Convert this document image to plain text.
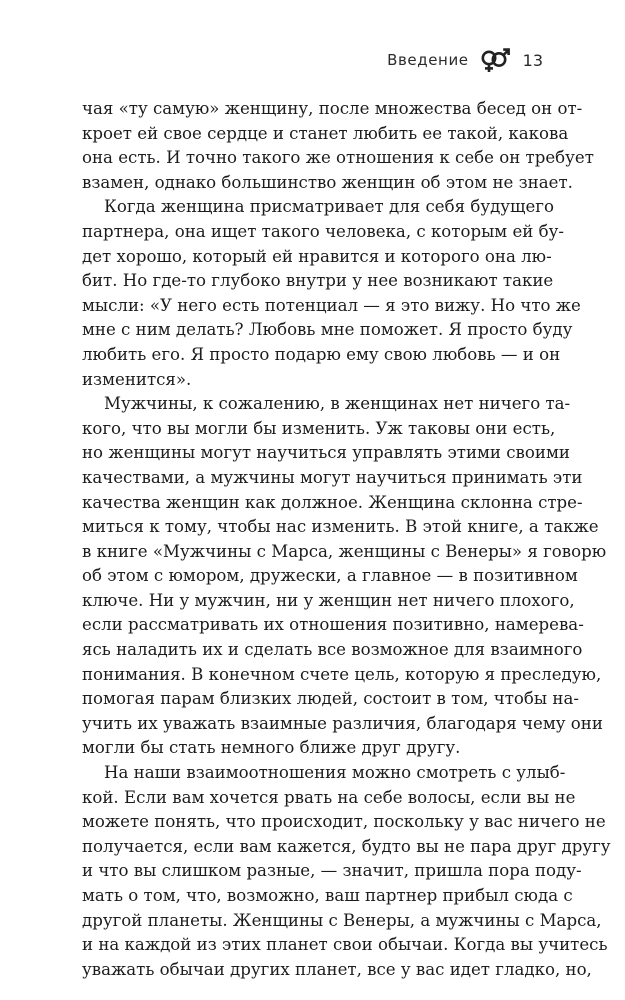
Введение	13
чая «ту самую» женщину, после множества бесед он от-
кроет ей свое сердце и станет любить ее такой, какова
она есть. И точно такого же отношения к себе он требует
взамен, однако большинство женщин об этом не знает.
Когда женщина присматривает для себя будущего
партнера, она ищет такого человека, с которым ей бу-
дет хорошо, который ей нравится и которого она лю-
бит. Но где-то глубоко внутри у нее возникают такие
мысли: «У него есть потенциал — я это вижу. Но что же
мне с ним делать? Любовь мне поможет. Я просто буду
любить его. Я просто подарю ему свою любовь — и он
изменится».
Мужчины, к сожалению, в женщинах нет ничего та-
кого, что вы могли бы изменить. Уж таковы они есть,
но женщины могут научиться управлять этими своими
качествами, а мужчины могут научиться принимать эти
качества женщин как должное. Женщина склонна стре-
миться к тому, чтобы нас изменить. В этой книге, а также
в книге «Мужчины с Марса, женщины с Венеры» я говорю
об этом с юмором, дружески, а главное — в позитивном
ключе. Ни у мужчин, ни у женщин нет ничего плохого,
если рассматривать их отношения позитивно, намерева-
ясь наладить их и сделать все возможное для взаимного
понимания. В конечном счете цель, которую я преследую,
помогая парам близких людей, состоит в том, чтобы на-
учить их уважать взаимные различия, благодаря чему они
могли бы стать немного ближе друг другу.
На наши взаимоотношения можно смотреть с улыб-
кой. Если вам хочется рвать на себе волосы, если вы не
можете понять, что происходит, поскольку у вас ничего не
получается, если вам кажется, будто вы не пара друг другу
и что вы слишком разные, — значит, пришла пора поду-
мать о том, что, возможно, ваш партнер прибыл сюда с
другой планеты. Женщины с Венеры, а мужчины с Марса,
и на каждой из этих планет свои обычаи. Когда вы учитесь
уважать обычаи других планет, все у вас идет гладко, но,
